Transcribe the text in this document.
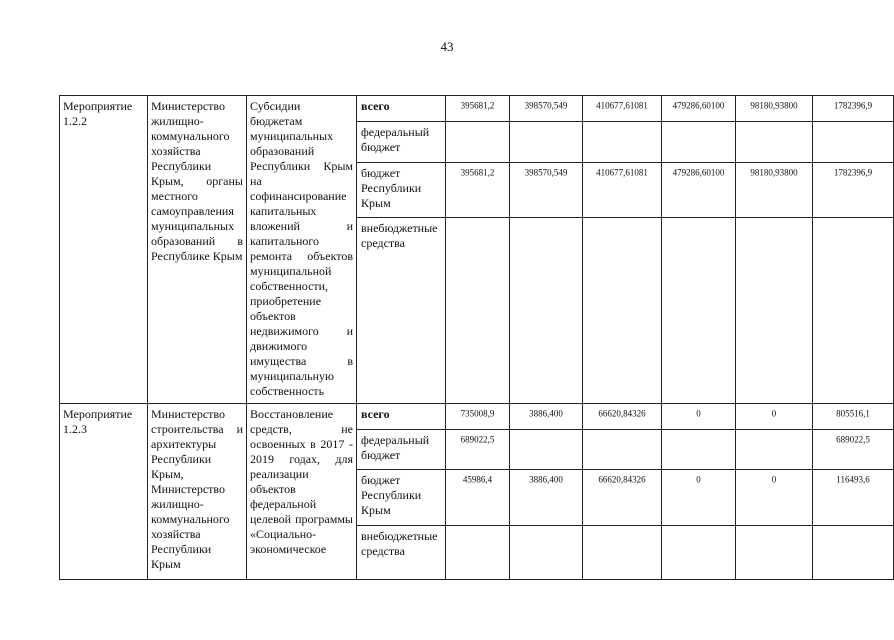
43
Мероприятие 1.2.2	Министерство жилищно-коммунального хозяйства Республики Крым, органы местного самоуправления муниципальных образований в Республике Крым	Субсидии бюджетам муниципальных образований Республики Крым на софинансирование капитальных вложений и капитального ремонта объектов муниципальной собственности, приобретение объектов недвижимого и движимого имущества в муниципальную собственность	всего	395681,2	398570,549	410677,61081	479286,60100	98180,93800	1782396,9

			федеральный бюджет						

			бюджет Республики Крым	395681,2	398570,549	410677,61081	479286,60100	98180,93800	1782396,9

			внебюджетные средства						

Мероприятие 1.2.3	Министерство строительства и архитектуры Республики Крым, Министерство жилищно-коммунального хозяйства Республики Крым	Восстановление средств, не освоенных в 2017 - 2019 годах, для реализации объектов федеральной целевой программы «Социально-экономическое	всего	735008,9	3886,400	66620,84326	0	0	805516,1

			федеральный бюджет	689022,5					689022,5

			бюджет Республики Крым	45986,4	3886,400	66620,84326	0	0	116493,6

			внебюджетные средства						
